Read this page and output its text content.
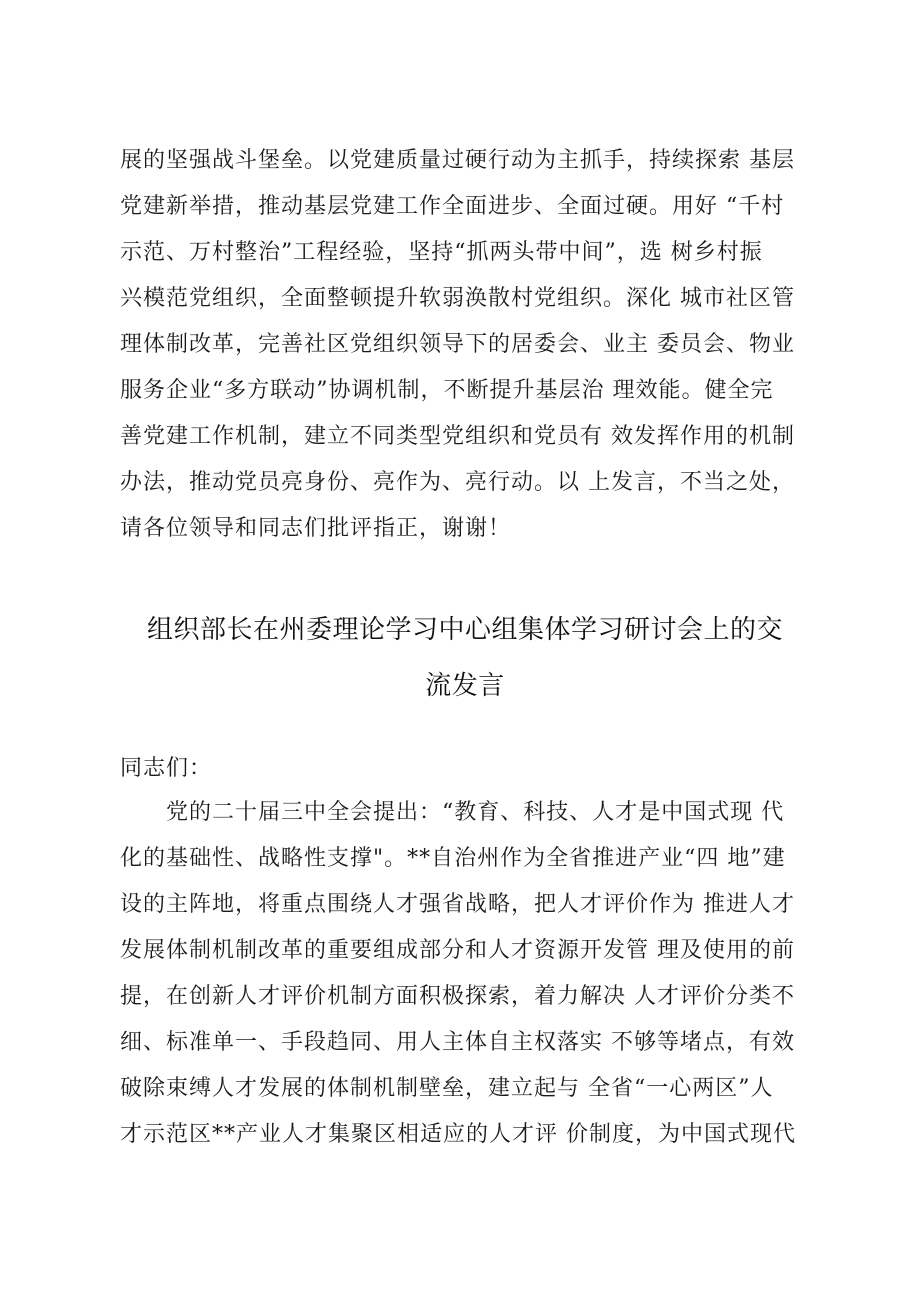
展的坚强战斗堡垒。以党建质量过硬行动为主抓手，持续探索 基层
党建新举措，推动基层党建工作全面进步、全面过硬。用好 “千村
示范、万村整治”工程经验，坚持“抓两头带中间”，选 树乡村振
兴模范党组织，全面整顿提升软弱涣散村党组织。深化 城市社区管
理体制改革，完善社区党组织领导下的居委会、业主 委员会、物业
服务企业“多方联动”协调机制，不断提升基层治 理效能。健全完
善党建工作机制，建立不同类型党组织和党员有 效发挥作用的机制
办法，推动党员亮身份、亮作为、亮行动。以 上发言，不当之处，
请各位领导和同志们批评指正，谢谢！
组织部长在州委理论学习中心组集体学习研讨会上的交
流发言
同志们：
　　党的二十届三中全会提出：“教育、科技、人才是中国式现 代
化的基础性、战略性支撑"。**自治州作为全省推进产业“四 地”建
设的主阵地，将重点围绕人才强省战略，把人才评价作为 推进人才
发展体制机制改革的重要组成部分和人才资源开发管 理及使用的前
提，在创新人才评价机制方面积极探索，着力解决 人才评价分类不
细、标准单一、手段趋同、用人主体自主权落实 不够等堵点，有效
破除束缚人才发展的体制机制壁垒，建立起与 全省“一心两区”人
才示范区**产业人才集聚区相适应的人才评 价制度，为中国式现代
